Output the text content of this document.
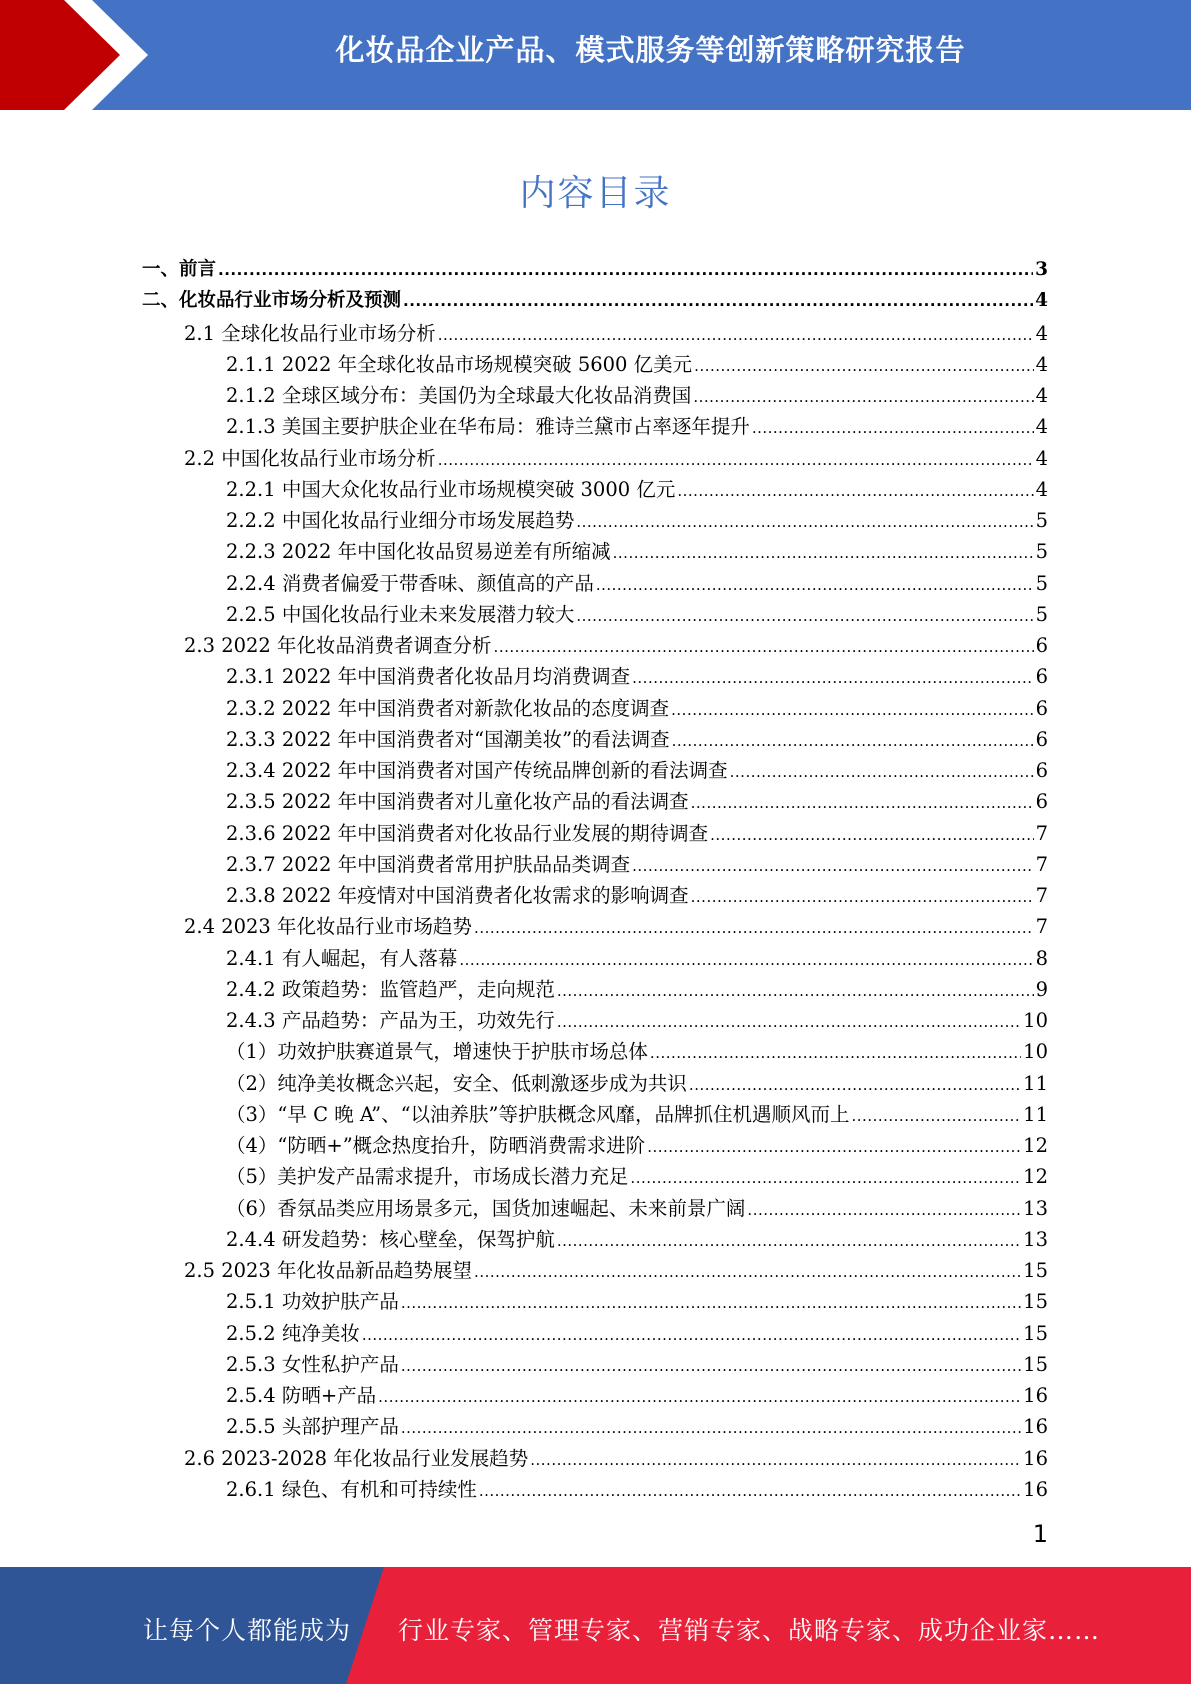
化妆品企业产品、模式服务等创新策略研究报告
内容目录
一、前言 .....	3
二、化妆品行业市场分析及预测 .....	4
2.1 全球化妆品行业市场分析 .....	4
2.1.1 2022 年全球化妆品市场规模突破 5600 亿美元 .....	4
2.1.2 全球区域分布：美国仍为全球最大化妆品消费国 .....	4
2.1.3 美国主要护肤企业在华布局：雅诗兰黛市占率逐年提升 .....	4
2.2 中国化妆品行业市场分析 .....	4
2.2.1 中国大众化妆品行业市场规模突破 3000 亿元 .....	4
2.2.2 中国化妆品行业细分市场发展趋势 .....	5
2.2.3 2022 年中国化妆品贸易逆差有所缩减 .....	5
2.2.4 消费者偏爱于带香味、颜值高的产品 .....	5
2.2.5 中国化妆品行业未来发展潜力较大 .....	5
2.3 2022 年化妆品消费者调查分析 .....	6
2.3.1 2022 年中国消费者化妆品月均消费调查 .....	6
2.3.2 2022 年中国消费者对新款化妆品的态度调查 .....	6
2.3.3 2022 年中国消费者对“国潮美妆”的看法调查 .....	6
2.3.4 2022 年中国消费者对国产传统品牌创新的看法调查 .....	6
2.3.5 2022 年中国消费者对儿童化妆产品的看法调查 .....	6
2.3.6 2022 年中国消费者对化妆品行业发展的期待调查 .....	7
2.3.7 2022 年中国消费者常用护肤品品类调查 .....	7
2.3.8 2022 年疫情对中国消费者化妆需求的影响调查 .....	7
2.4 2023 年化妆品行业市场趋势 .....	7
2.4.1 有人崛起，有人落幕 .....	8
2.4.2 政策趋势：监管趋严，走向规范 .....	9
2.4.3 产品趋势：产品为王，功效先行 .....	10
（1）功效护肤赛道景气，增速快于护肤市场总体 .....	10
（2）纯净美妆概念兴起，安全、低刺激逐步成为共识 .....	11
（3）“早 C 晚 A”、“以油养肤”等护肤概念风靡，品牌抓住机遇顺风而上 .....	11
（4）“防晒+”概念热度抬升，防晒消费需求进阶 .....	12
（5）美护发产品需求提升，市场成长潜力充足 .....	12
（6）香氛品类应用场景多元，国货加速崛起、未来前景广阔 .....	13
2.4.4 研发趋势：核心壁垒，保驾护航 .....	13
2.5 2023 年化妆品新品趋势展望 .....	15
2.5.1 功效护肤产品 .....	15
2.5.2 纯净美妆 .....	15
2.5.3 女性私护产品 .....	15
2.5.4 防晒+产品 .....	16
2.5.5 头部护理产品 .....	16
2.6 2023-2028 年化妆品行业发展趋势 .....	16
2.6.1 绿色、有机和可持续性 .....	16
1
让每个人都能成为 行业专家、管理专家、营销专家、战略专家、成功企业家……
